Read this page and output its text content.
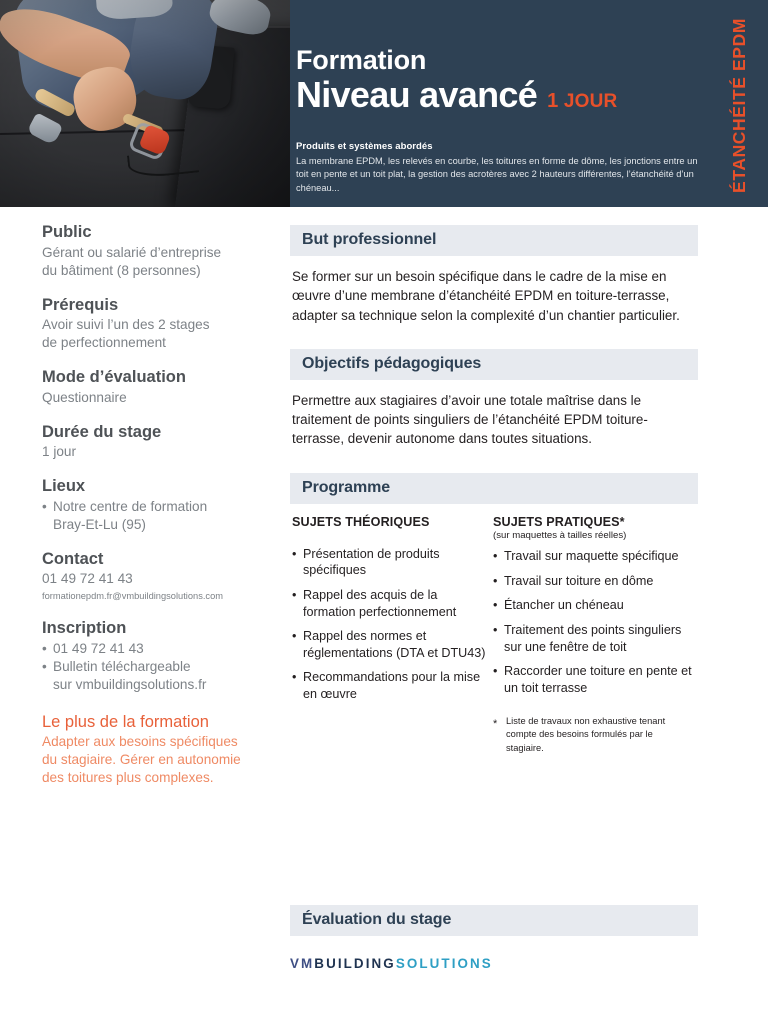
Formation
Niveau avancé 1 JOUR
Produits et systèmes abordés
La membrane EPDM, les relevés en courbe, les toitures en forme de dôme, les jonctions entre un toit en pente et un toit plat, la gestion des acrotères avec 2 hauteurs différentes, l’étanchéité d’un chéneau...	ÉTANCHÉITÉ EPDM
Public
Gérant ou salarié d’entreprise
du bâtiment (8 personnes)
Prérequis
Avoir suivi l’un des 2 stages
de perfectionnement
Mode d’évaluation
Questionnaire
Durée du stage
1 jour
Lieux
• Notre centre de formation
Bray-Et-Lu (95)
Contact
01 49 72 41 43
formationepdm.fr@vmbuildingsolutions.com
Inscription
• 01 49 72 41 43
• Bulletin téléchargeable
sur vmbuildingsolutions.fr
Le plus de la formation
Adapter aux besoins spécifiques
du stagiaire. Gérer en autonomie
des toitures plus complexes.
But professionnel

Se former sur un besoin spécifique dans le cadre de la mise en œuvre d’une membrane d’étanchéité EPDM en toiture-terrasse, adapter sa technique selon la complexité d’un chantier particulier.

Objectifs pédagogiques

Permettre aux stagiaires d’avoir une totale maîtrise dans le traitement de points singuliers de l’étanchéité EPDM toiture-terrasse, devenir autonome dans toutes situations.

Programme
SUJETS THÉORIQUES
• Présentation de produits spécifiques
• Rappel des acquis de la formation perfectionnement
• Rappel des normes et réglementations (DTA et DTU43)
• Recommandations pour la mise en œuvre
SUJETS PRATIQUES*
(sur maquettes à tailles réelles)
• Travail sur maquette spécifique
• Travail sur toiture en dôme
• Étancher un chéneau
• Traitement des points singuliers sur une fenêtre de toit
• Raccorder une toiture en pente et un toit terrasse
* Liste de travaux non exhaustive tenant compte des besoins formulés par le stagiaire.
Évaluation du stage
VMBUILDINGSOLUTIONS
